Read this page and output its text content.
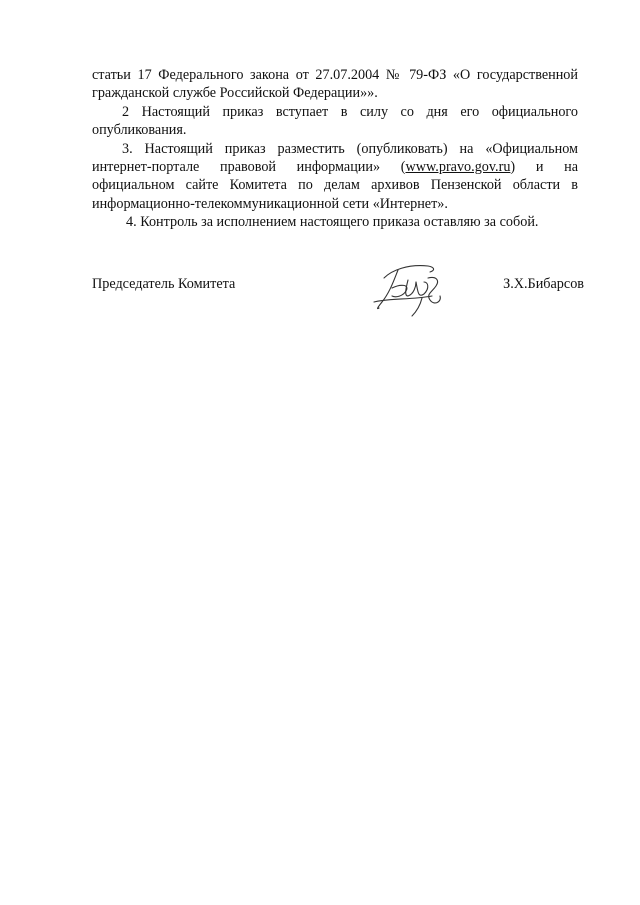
статьи 17 Федерального закона от 27.07.2004 № 79-ФЗ «О государственной гражданской службе Российской Федерации»».

2 Настоящий приказ вступает в силу со дня его официального опубликования.

3. Настоящий приказ разместить (опубликовать) на «Официальном интернет-портале правовой информации» (www.pravo.gov.ru) и на официальном сайте Комитета по делам архивов Пензенской области в информационно-телекоммуникационной сети «Интернет».

4. Контроль за исполнением настоящего приказа оставляю за собой.

Председатель Комитета	З.Х.Бибарсов
